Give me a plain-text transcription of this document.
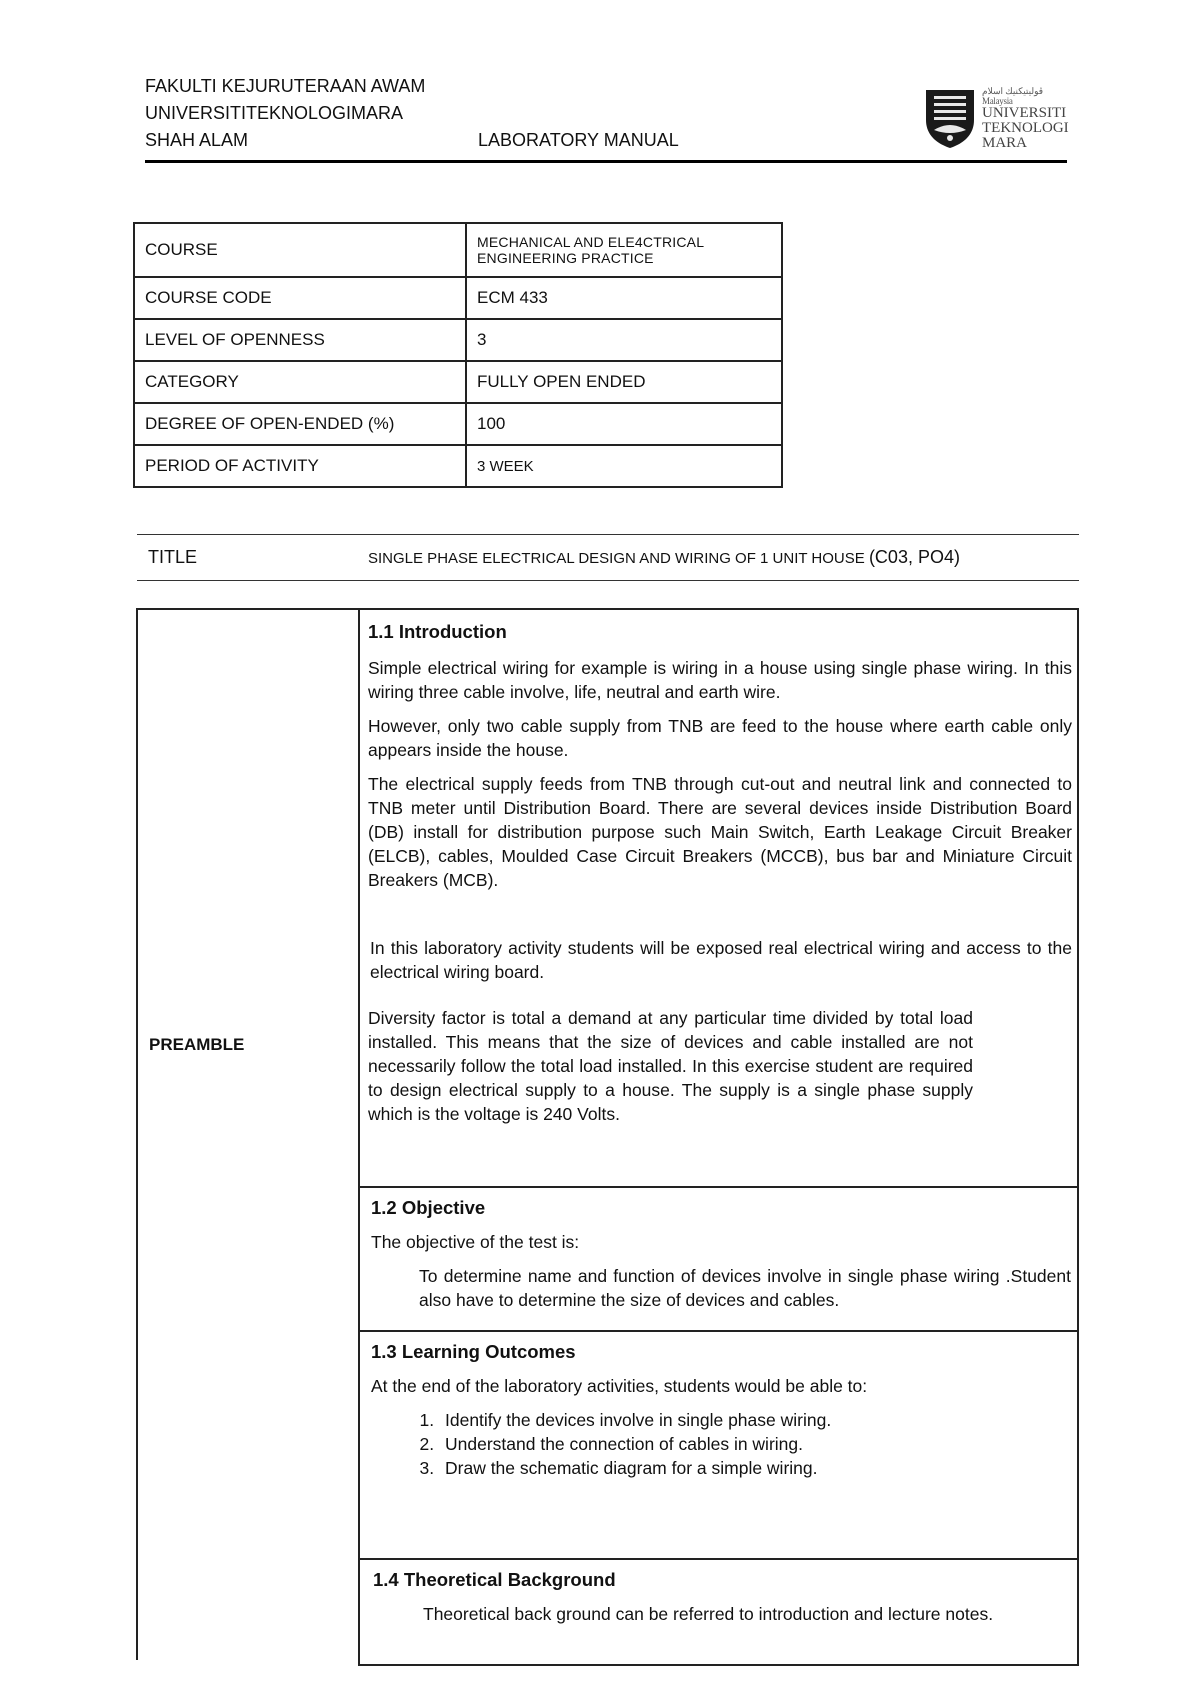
FAKULTI KEJURUTERAAN AWAM
UNIVERSITITEKNOLOGIMARA
SHAH ALAM	LABORATORY MANUAL
ڤوليتيكنيك اسلام
Malaysia
UNIVERSITI
TEKNOLOGI
MARA
COURSE	MECHANICAL AND ELE4CTRICAL
ENGINEERING PRACTICE

COURSE CODE	ECM 433
LEVEL OF OPENNESS	3
CATEGORY	FULLY OPEN ENDED
DEGREE OF OPEN-ENDED (%)	100
PERIOD OF ACTIVITY	3 WEEK
TITLE	SINGLE PHASE ELECTRICAL DESIGN AND WIRING OF 1 UNIT HOUSE (C03, PO4)
PREAMBLE
1.1 Introduction

Simple electrical wiring for example is wiring in a house using single phase wiring. In this wiring three cable involve, life, neutral and earth wire.

However, only two cable supply from TNB are feed to the house where earth cable only appears inside the house.

The electrical supply feeds from TNB through cut-out and neutral link and connected to TNB meter until Distribution Board. There are several devices inside Distribution Board (DB) install for distribution purpose such Main Switch, Earth Leakage Circuit Breaker (ELCB), cables, Moulded Case Circuit Breakers (MCCB), bus bar and Miniature Circuit Breakers (MCB).

In this laboratory activity students will be exposed real electrical wiring and access to the electrical wiring board.

Diversity factor is total a demand at any particular time divided by total load installed. This means that the size of devices and cable installed are not necessarily follow the total load installed. In this exercise student are required to design electrical supply to a house. The supply is a single phase supply which is the voltage is 240 Volts.

1.2 Objective

The objective of the test is:

To determine name and function of devices involve in single phase wiring .Student also have to determine the size of devices and cables.

1.3 Learning Outcomes

At the end of the laboratory activities, students would be able to:

1. Identify the devices involve in single phase wiring.
2. Understand the connection of cables in wiring.
3. Draw the schematic diagram for a simple wiring.
1.4 Theoretical Background

Theoretical back ground can be referred to introduction and lecture notes.
